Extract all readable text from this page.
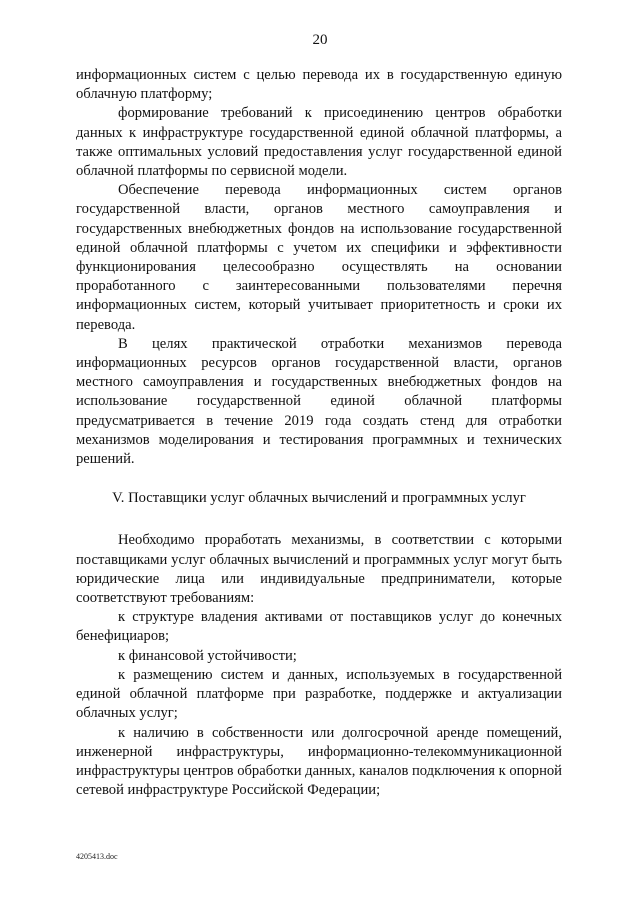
20

информационных систем с целью перевода их в государственную единую облачную платформу;

формирование требований к присоединению центров обработки данных к инфраструктуре государственной единой облачной платформы, а также оптимальных условий предоставления услуг государственной единой облачной платформы по сервисной модели.

Обеспечение перевода информационных систем органов государственной власти, органов местного самоуправления и государственных внебюджетных фондов на использование государственной единой облачной платформы с учетом их специфики и эффективности функционирования целесообразно осуществлять на основании проработанного с заинтересованными пользователями перечня информационных систем, который учитывает приоритетность и сроки их перевода.

В целях практической отработки механизмов перевода информационных ресурсов органов государственной власти, органов местного самоуправления и государственных внебюджетных фондов на использование государственной единой облачной платформы предусматривается в течение 2019 года создать стенд для отработки механизмов моделирования и тестирования программных и технических решений.

V. Поставщики услуг облачных вычислений и программных услуг

Необходимо проработать механизмы, в соответствии с которыми поставщиками услуг облачных вычислений и программных услуг могут быть юридические лица или индивидуальные предприниматели, которые соответствуют требованиям:

к структуре владения активами от поставщиков услуг до конечных бенефициаров;

к финансовой устойчивости;

к размещению систем и данных, используемых в государственной единой облачной платформе при разработке, поддержке и актуализации облачных услуг;

к наличию в собственности или долгосрочной аренде помещений, инженерной инфраструктуры, информационно-телекоммуникационной инфраструктуры центров обработки данных, каналов подключения к опорной сетевой инфраструктуре Российской Федерации;

4205413.doc
